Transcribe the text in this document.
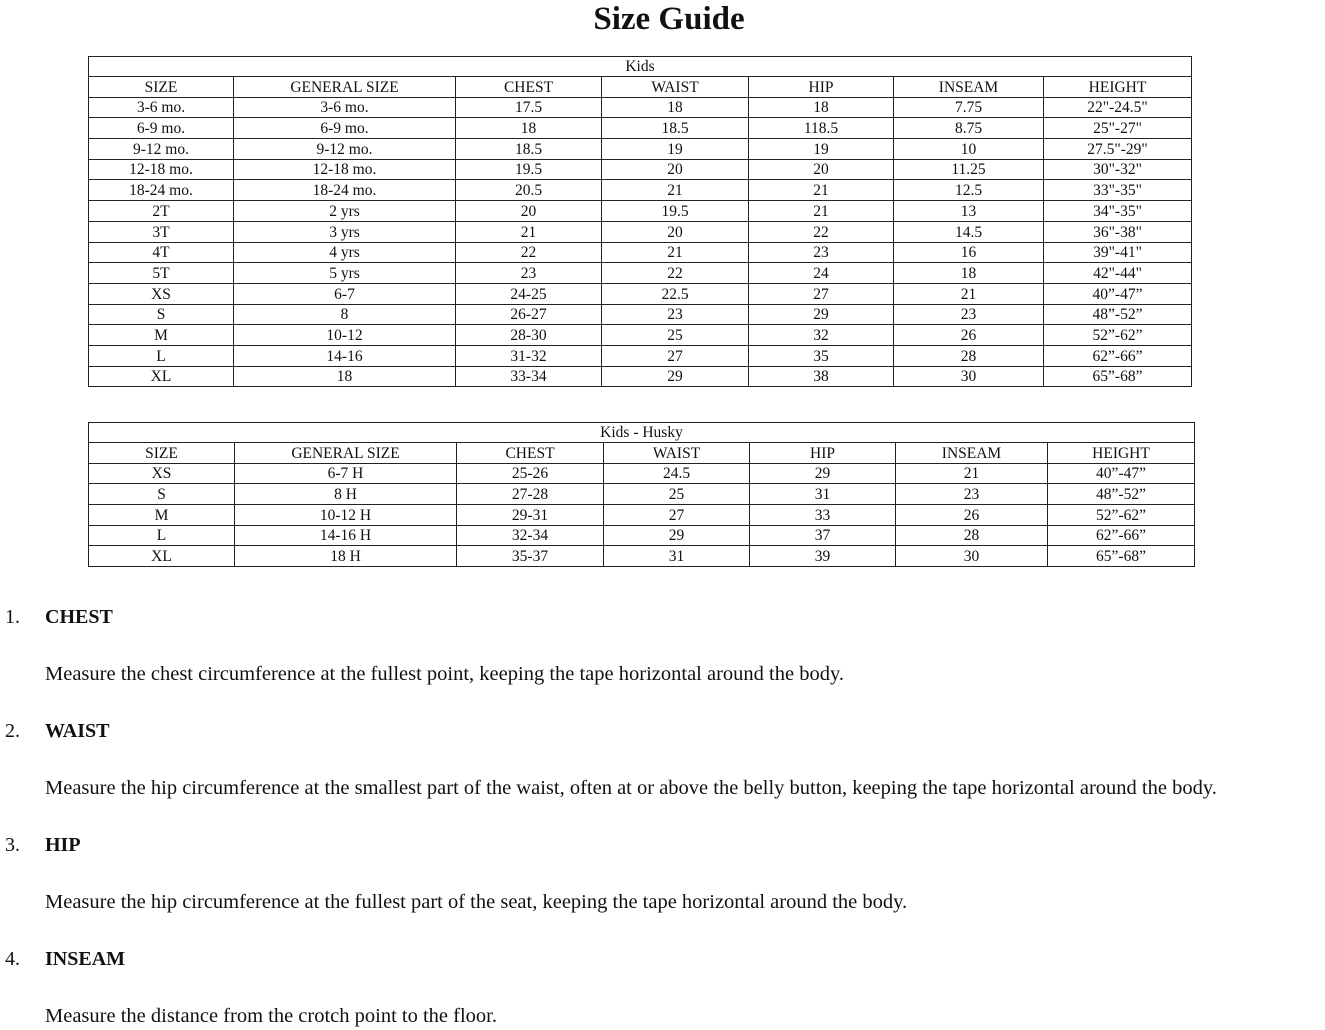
Size Guide
Kids						
SIZE	GENERAL SIZE	CHEST	WAIST	HIP	INSEAM	HEIGHT
3-6 mo.	3-6 mo.	17.5	18	18	7.75	22"-24.5"
6-9 mo.	6-9 mo.	18	18.5	118.5	8.75	25"-27"
9-12 mo.	9-12 mo.	18.5	19	19	10	27.5"-29"
12-18 mo.	12-18 mo.	19.5	20	20	11.25	30"-32"
18-24 mo.	18-24 mo.	20.5	21	21	12.5	33"-35"
2T	2 yrs	20	19.5	21	13	34"-35"
3T	3 yrs	21	20	22	14.5	36"-38"
4T	4 yrs	22	21	23	16	39"-41"
5T	5 yrs	23	22	24	18	42"-44"
XS	6-7	24-25	22.5	27	21	40”-47”
S	8	26-27	23	29	23	48”-52”
M	10-12	28-30	25	32	26	52”-62”
L	14-16	31-32	27	35	28	62”-66”
XL	18	33-34	29	38	30	65”-68”
Kids - Husky						
SIZE	GENERAL SIZE	CHEST	WAIST	HIP	INSEAM	HEIGHT
XS	6-7 H	25-26	24.5	29	21	40”-47”
S	8 H	27-28	25	31	23	48”-52”
M	10-12 H	29-31	27	33	26	52”-62”
L	14-16 H	32-34	29	37	28	62”-66”
XL	18 H	35-37	31	39	30	65”-68”
1. CHEST
Measure the chest circumference at the fullest point, keeping the tape horizontal around the body.
2. WAIST
Measure the hip circumference at the smallest part of the waist, often at or above the belly button, keeping the tape horizontal around the body.
3. HIP
Measure the hip circumference at the fullest part of the seat, keeping the tape horizontal around the body.
4. INSEAM
Measure the distance from the crotch point to the floor.
